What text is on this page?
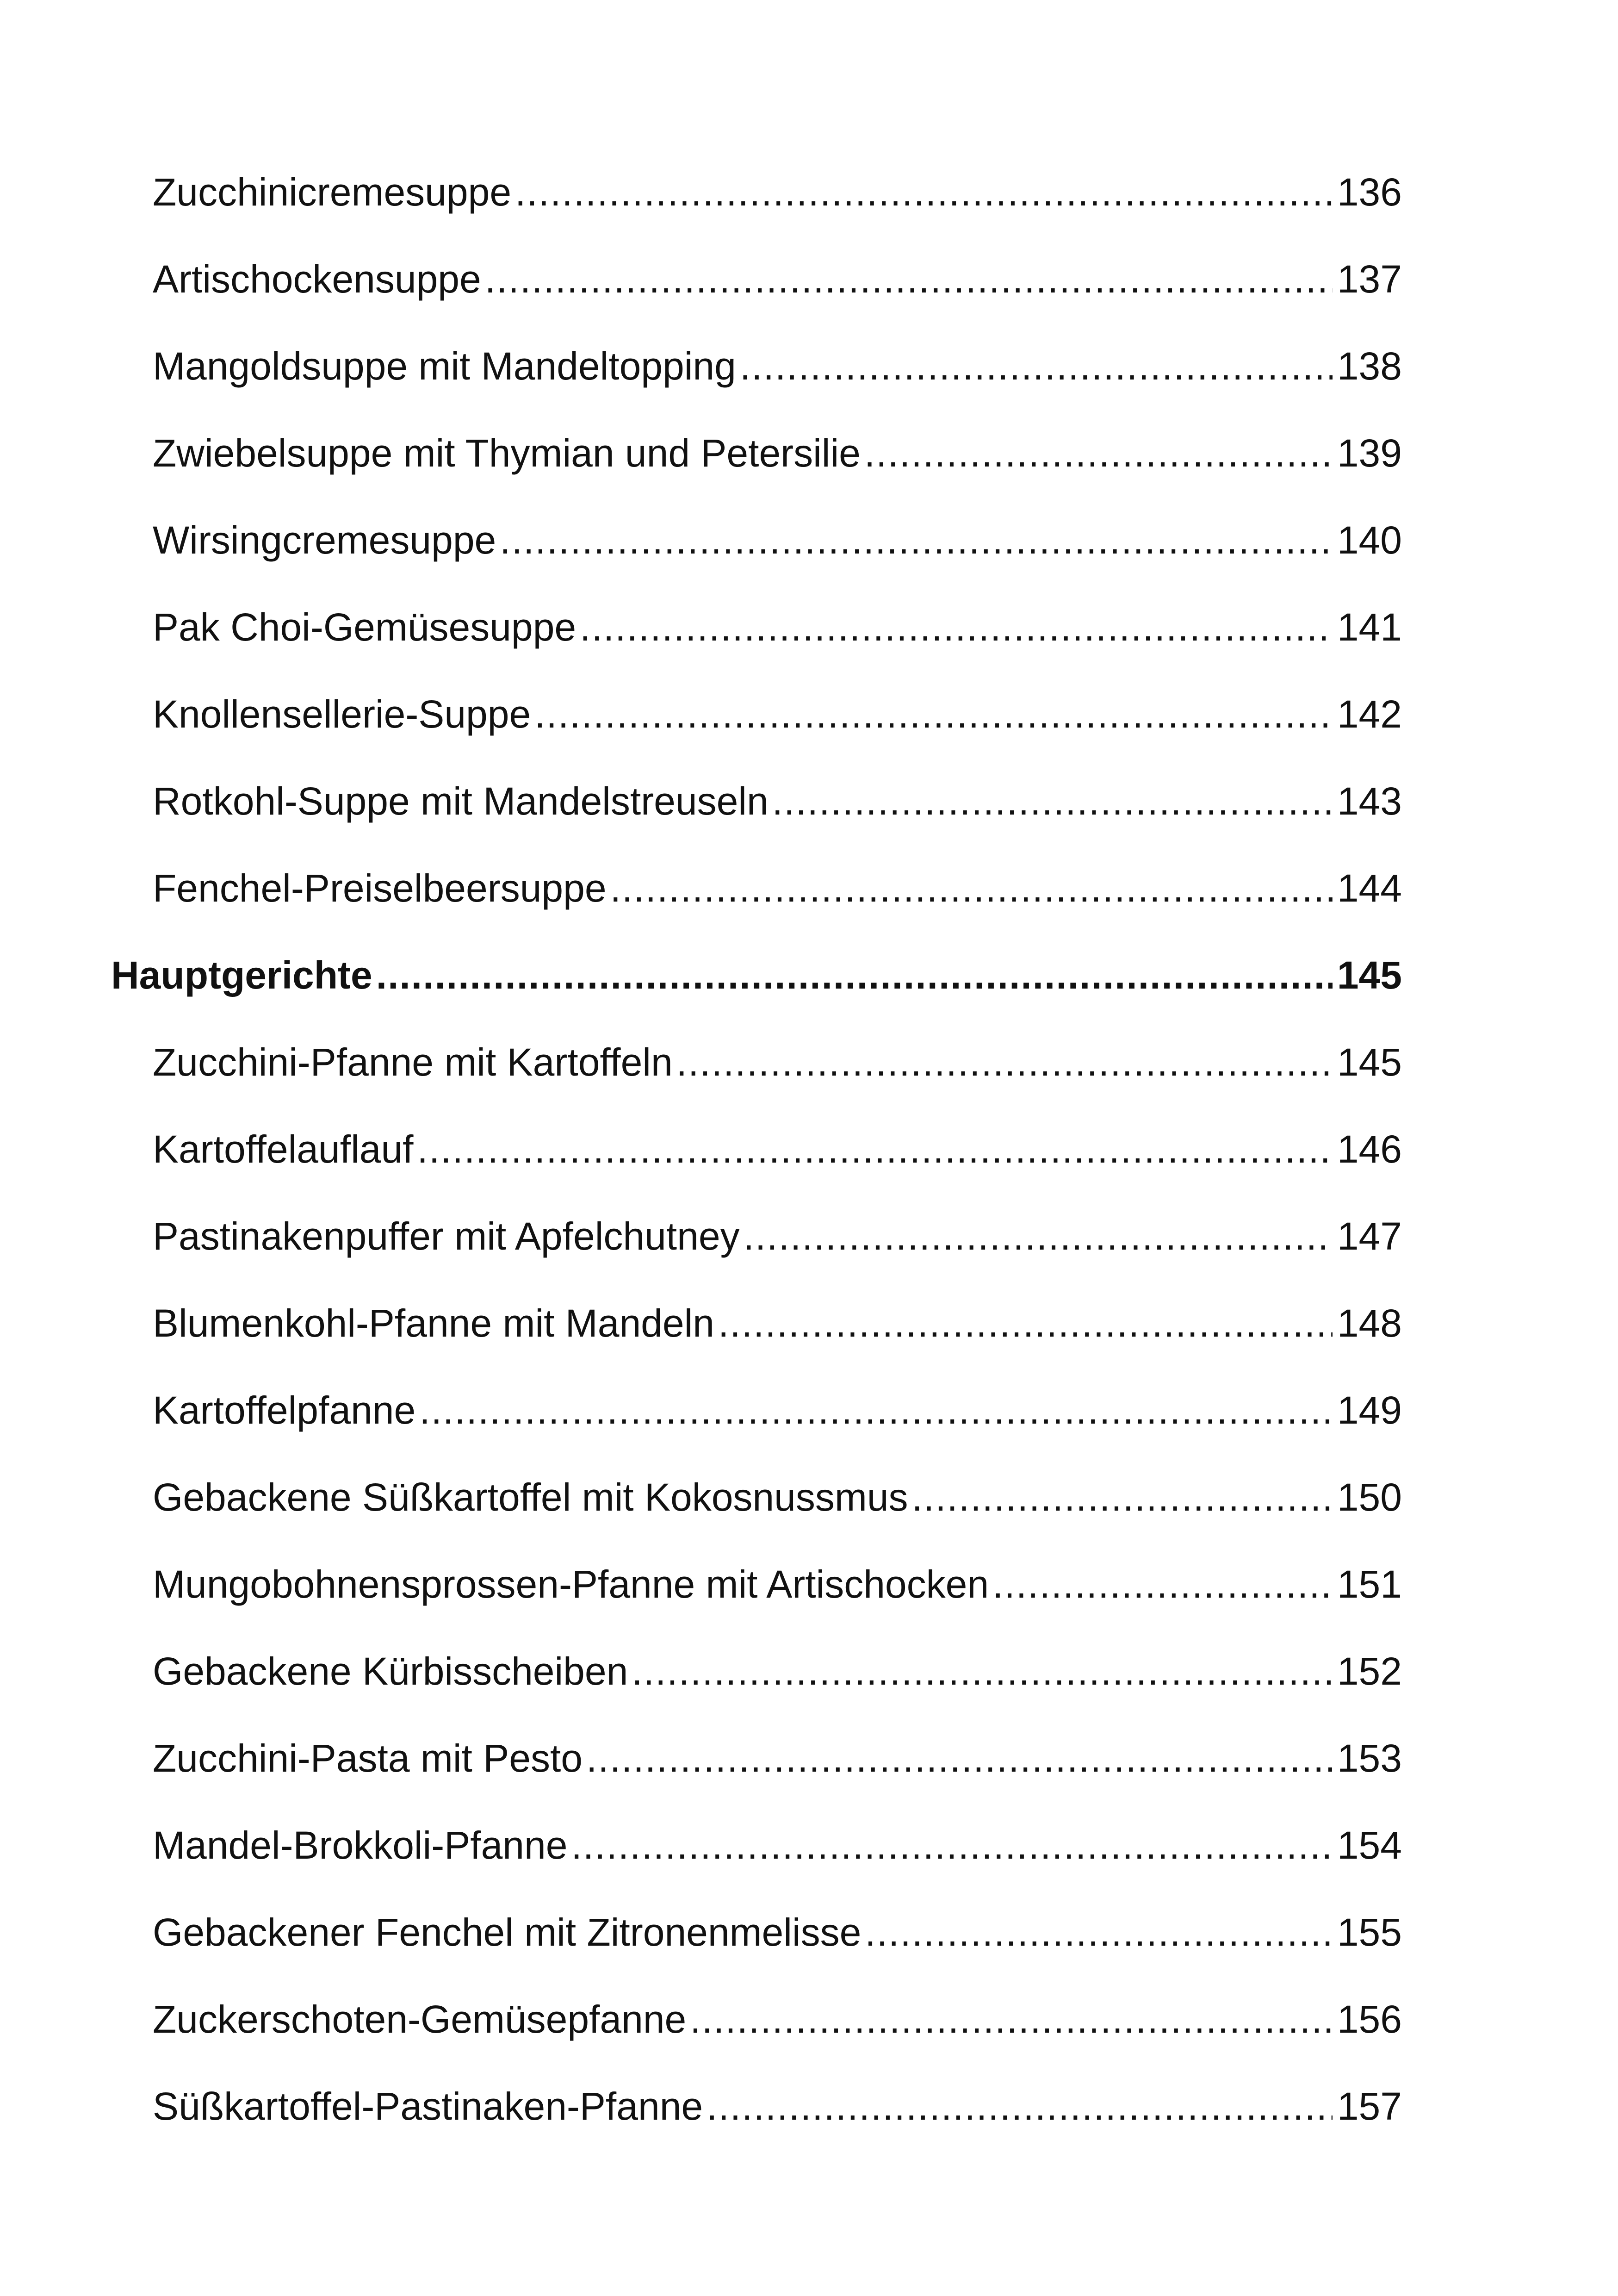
Zucchinicremesuppe .....	136
Artischockensuppe .....	137
Mangoldsuppe mit Mandeltopping .....	138
Zwiebelsuppe mit Thymian und Petersilie .....	139
Wirsingcremesuppe .....	140
Pak Choi-Gemüsesuppe .....	141
Knollensellerie-Suppe .....	142
Rotkohl-Suppe mit Mandelstreuseln .....	143
Fenchel-Preiselbeersuppe .....	144
Hauptgerichte .....	145
Zucchini-Pfanne mit Kartoffeln .....	145
Kartoffelauflauf .....	146
Pastinakenpuffer mit Apfelchutney .....	147
Blumenkohl-Pfanne mit Mandeln .....	148
Kartoffelpfanne .....	149
Gebackene Süßkartoffel mit Kokosnussmus .....	150
Mungobohnensprossen-Pfanne mit Artischocken .....	151
Gebackene Kürbisscheiben .....	152
Zucchini-Pasta mit Pesto .....	153
Mandel-Brokkoli-Pfanne .....	154
Gebackener Fenchel mit Zitronenmelisse .....	155
Zuckerschoten-Gemüsepfanne .....	156
Süßkartoffel-Pastinaken-Pfanne .....	157
